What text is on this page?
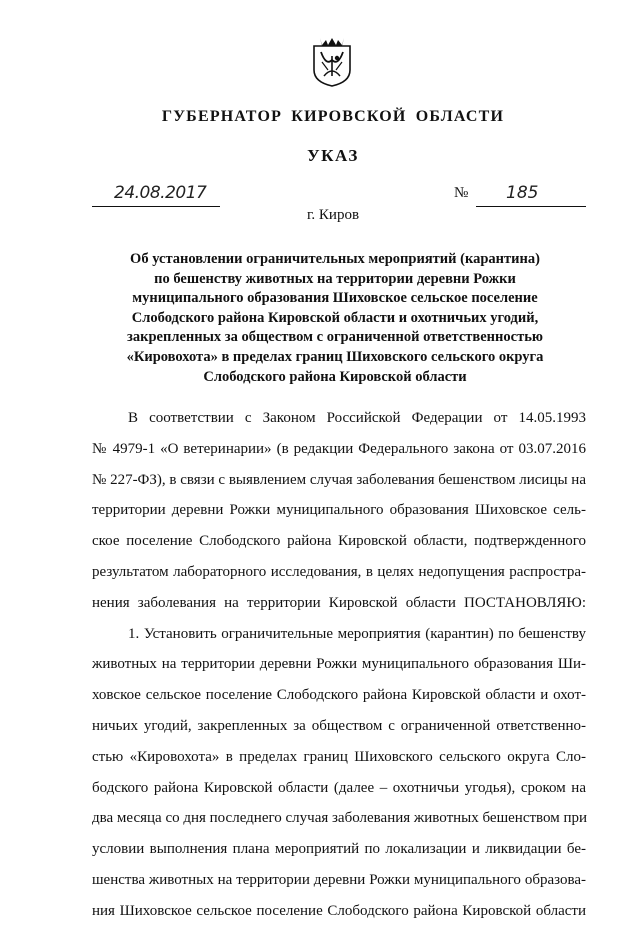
ГУБЕРНАТОР КИРОВСКОЙ ОБЛАСТИ
УКАЗ
24.08.2017	№ 185
г. Киров
Об установлении ограничительных мероприятий (карантина)
по бешенству животных на территории деревни Рожки
муниципального образования Шиховское сельское поселение
Слободского района Кировской области и охотничьих угодий,
закрепленных за обществом с ограниченной ответственностью
«Кировохота» в пределах границ Шиховского сельского округа
Слободского района Кировской области
В соответствии с Законом Российской Федерации от 14.05.1993
№ 4979-1 «О ветеринарии» (в редакции Федерального закона от 03.07.2016
№ 227-ФЗ), в связи с выявлением случая заболевания бешенством лисицы на
территории деревни Рожки муниципального образования Шиховское сель-
ское поселение Слободского района Кировской области, подтвержденного
результатом лабораторного исследования, в целях недопущения распростра-
нения заболевания на территории Кировской области ПОСТАНОВЛЯЮ:
1. Установить ограничительные мероприятия (карантин) по бешенству
животных на территории деревни Рожки муниципального образования Ши-
ховское сельское поселение Слободского района Кировской области и охот-
ничьих угодий, закрепленных за обществом с ограниченной ответственно-
стью «Кировохота» в пределах границ Шиховского сельского округа Сло-
бодского района Кировской области (далее – охотничьи угодья), сроком на
два месяца со дня последнего случая заболевания животных бешенством при
условии выполнения плана мероприятий по локализации и ликвидации бе-
шенства животных на территории деревни Рожки муниципального образова-
ния Шиховское сельское поселение Слободского района Кировской области
